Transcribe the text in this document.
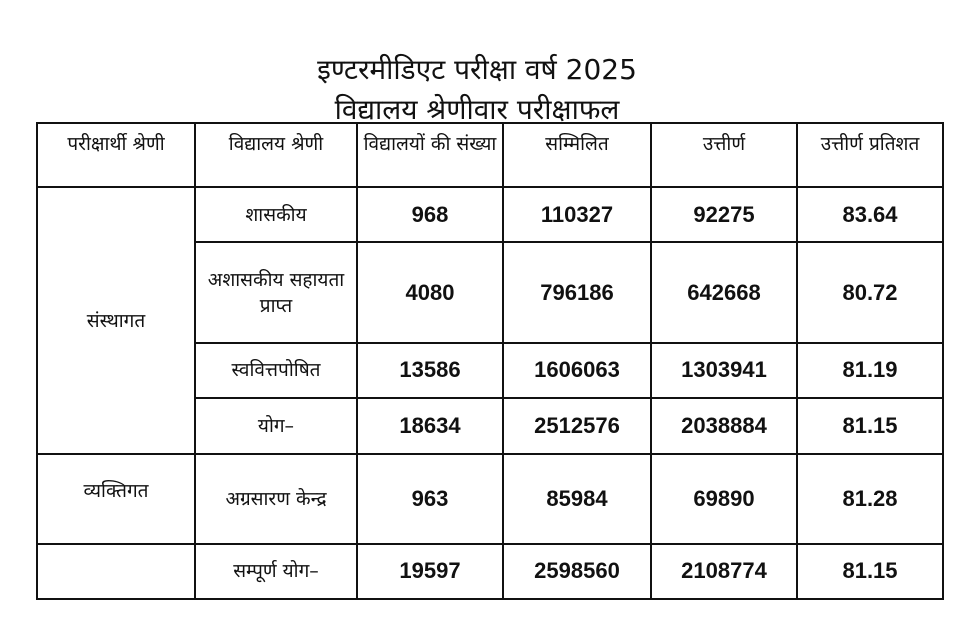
इण्टरमीडिएट परीक्षा वर्ष 2025
विद्यालय श्रेणीवार परीक्षाफल
परीक्षार्थी श्रेणी	विद्यालय श्रेणी	विद्यालयों की संख्या	सम्मिलित	उत्तीर्ण	उत्तीर्ण प्रतिशत
संस्थागत	शासकीय	968	110327	92275	83.64
	अशासकीय सहायता प्राप्त	4080	796186	642668	80.72
	स्ववित्तपोषित	13586	1606063	1303941	81.19
	योग–	18634	2512576	2038884	81.15
व्यक्तिगत	अग्रसारण केन्द्र	963	85984	69890	81.28
	सम्पूर्ण योग–	19597	2598560	2108774	81.15
